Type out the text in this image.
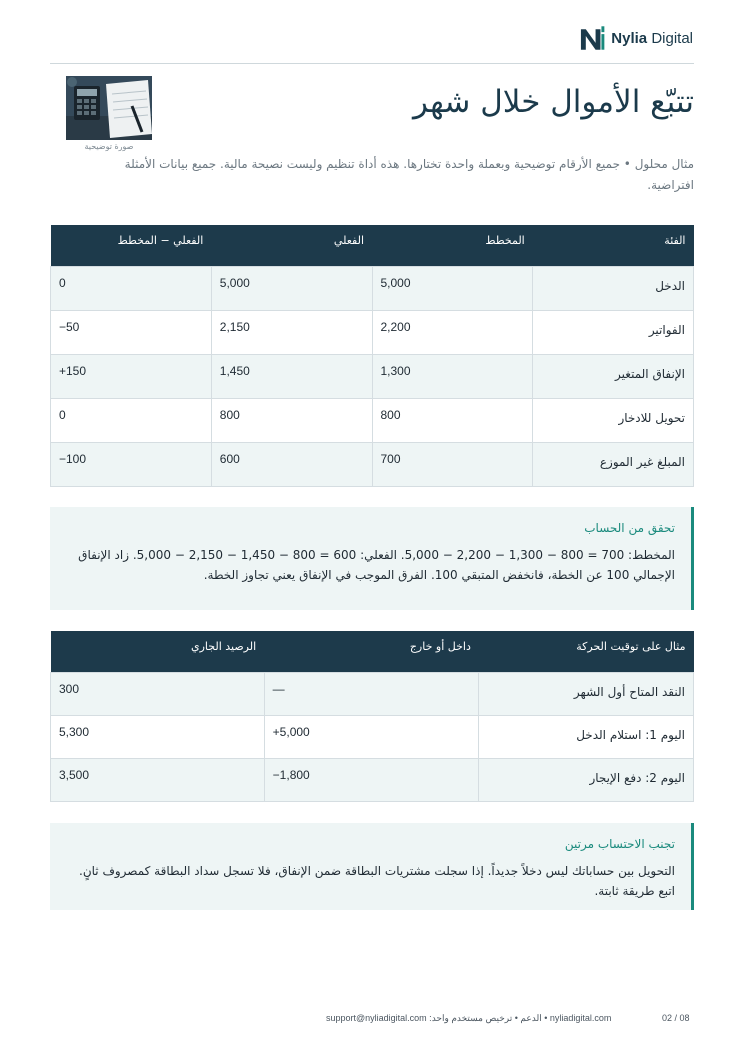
Nylia Digital
صورة توضيحية
تتبّع الأموال خلال شهر

مثال محلول • جميع الأرقام توضيحية وبعملة واحدة تختارها. هذه أداة تنظيم وليست نصيحة مالية. جميع بيانات الأمثلة افتراضية.

الفئة	المخطط	الفعلي	الفعلي − المخطط
الدخل	5,000	5,000	0
الفواتير	2,200	2,150	−50
الإنفاق المتغير	1,300	1,450	+150
تحويل للادخار	800	800	0
المبلغ غير الموزع	700	600	−100
تحقق من الحساب

المخطط: 700 = 800 − 1,300 − 2,200 − 5,000. الفعلي: 600 = 800 − 1,450 − 2,150 − 5,000. زاد الإنفاق الإجمالي 100 عن الخطة، فانخفض المتبقي 100. الفرق الموجب في الإنفاق يعني تجاوز الخطة.

مثال على توقيت الحركة	داخل أو خارج	الرصيد الجاري
النقد المتاح أول الشهر	—	300
اليوم 1: استلام الدخل	+5,000	5,300
اليوم 2: دفع الإيجار	−1,800	3,500
تجنب الاحتساب مرتين

التحويل بين حساباتك ليس دخلاً جديداً. إذا سجلت مشتريات البطاقة ضمن الإنفاق، فلا تسجل سداد البطاقة كمصروف ثانٍ. اتبع طريقة ثابتة.

support@nyliadigital.com :الدعم • ترخيص مستخدم واحد • nyliadigital.com	02 / 08
